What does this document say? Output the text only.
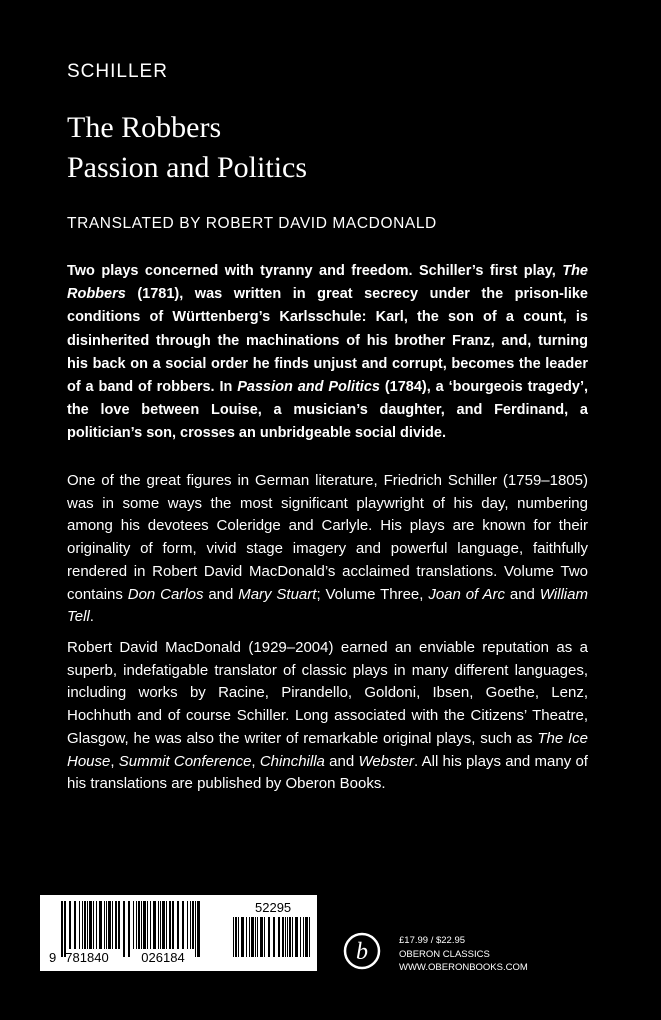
SCHILLER
The Robbers
Passion and Politics
TRANSLATED BY ROBERT DAVID MACDONALD

Two plays concerned with tyranny and freedom. Schiller’s first play, The Robbers (1781), was written in great secrecy under the prison-like conditions of Württenberg’s Karlsschule: Karl, the son of a count, is disinherited through the machinations of his brother Franz, and, turning his back on a social order he finds unjust and corrupt, becomes the leader of a band of robbers. In Passion and Politics (1784), a ‘bourgeois tragedy’, the love between Louise, a musician’s daughter, and Ferdinand, a politician’s son, crosses an unbridgeable social divide.

One of the great figures in German literature, Friedrich Schiller (1759–1805) was in some ways the most significant playwright of his day, numbering among his devotees Coleridge and Carlyle. His plays are known for their originality of form, vivid stage imagery and powerful language, faithfully rendered in Robert David MacDonald’s acclaimed translations. Volume Two contains Don Carlos and Mary Stuart; Volume Three, Joan of Arc and William Tell.

Robert David MacDonald (1929–2004) earned an enviable reputation as a superb, indefatigable translator of classic plays in many different languages, including works by Racine, Pirandello, Goldoni, Ibsen, Goethe, Lenz, Hochhuth and of course Schiller. Long associated with the Citizens’ Theatre, Glasgow, he was also the writer of remarkable original plays, such as The Ice House, Summit Conference, Chinchilla and Webster. All his plays and many of his translations are published by Oberon Books.

9 781840	026184
52295
b	£17.99 / $22.95
OBERON CLASSICS
WWW.OBERONBOOKS.COM
